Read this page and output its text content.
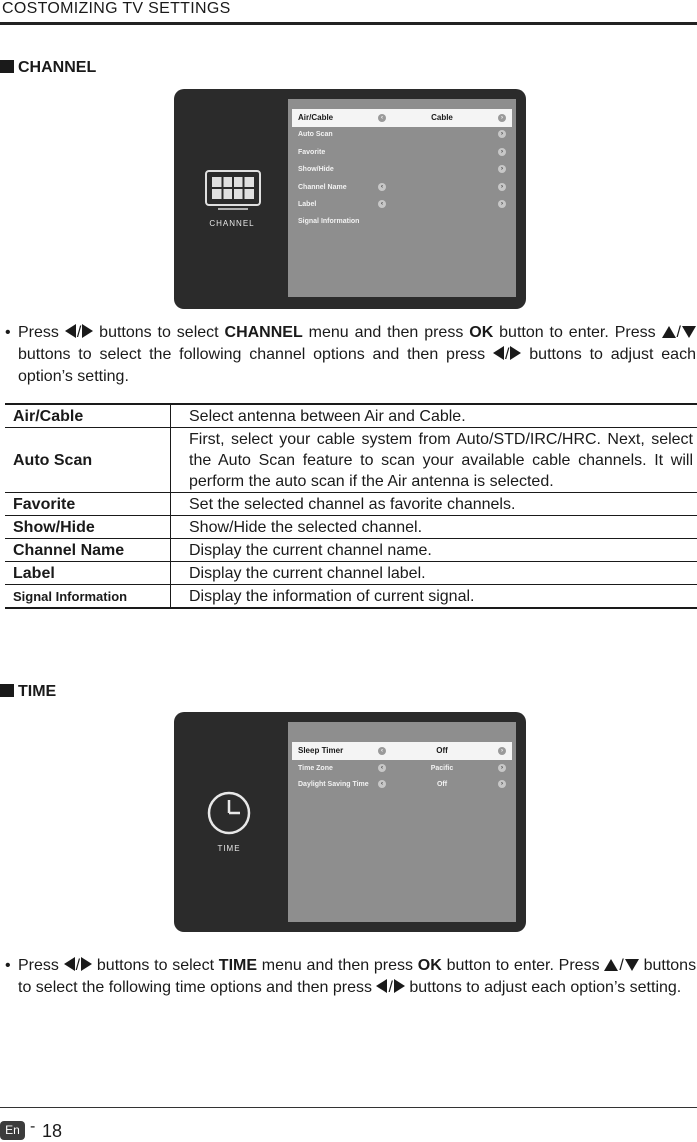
COSTOMIZING TV SETTINGS
CHANNEL
CHANNEL
Air/Cable	‹	Cable	›
Auto Scan	›
Favorite	›
Show/Hide	›
Channel Name	‹	›
Label	‹	›
Signal Information
• Press / buttons to select CHANNEL menu and then press OK button to enter. Press / buttons to select the following channel options and then press / buttons to adjust each option’s setting.
Air/Cable	Select antenna between Air and Cable.
Auto Scan	First, select your cable system from Auto/STD/IRC/HRC. Next, select the Auto Scan feature to scan your available cable channels. It will perform the auto scan if the Air antenna is selected.
Favorite	Set the selected channel as favorite channels.
Show/Hide	Show/Hide the selected channel.
Channel Name	Display the current channel name.
Label	Display the current channel label.
Signal Information	Display the information of current signal.
TIME
TIME
Sleep Timer	‹	Off	›
Time Zone	‹	Pacific	›
Daylight Saving Time	‹	Off	›
• Press / buttons to select TIME menu and then press OK button to enter. Press / buttons to select the following time options and then press / buttons to adjust each option’s setting.
En - 18
